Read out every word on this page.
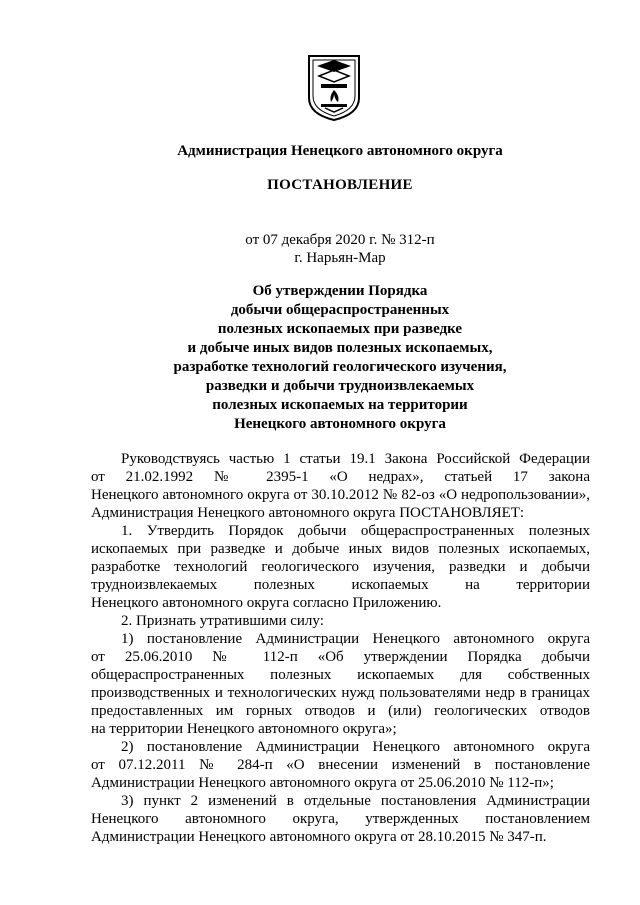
Администрация Ненецкого автономного округа
ПОСТАНОВЛЕНИЕ
от 07 декабря 2020 г. № 312-п
г. Нарьян-Мар
Об утверждении Порядка
добычи общераспространенных
полезных ископаемых при разведке
и добыче иных видов полезных ископаемых,
разработке технологий геологического изучения,
разведки и добычи трудноизвлекаемых
полезных ископаемых на территории
Ненецкого автономного округа
Руководствуясь частью 1 статьи 19.1 Закона Российской Федерации
от 21.02.1992 № 2395-1 «О недрах», статьей 17 закона
Ненецкого автономного округа от 30.10.2012 № 82-оз «О недропользовании»,
Администрация Ненецкого автономного округа ПОСТАНОВЛЯЕТ:
1. Утвердить Порядок добычи общераспространенных полезных
ископаемых при разведке и добыче иных видов полезных ископаемых,
разработке технологий геологического изучения, разведки и добычи
трудноизвлекаемых полезных ископаемых на территории
Ненецкого автономного округа согласно Приложению.
2. Признать утратившими силу:
1) постановление Администрации Ненецкого автономного округа
от 25.06.2010 № 112-п «Об утверждении Порядка добычи
общераспространенных полезных ископаемых для собственных
производственных и технологических нужд пользователями недр в границах
предоставленных им горных отводов и (или) геологических отводов
на территории Ненецкого автономного округа»;
2) постановление Администрации Ненецкого автономного округа
от 07.12.2011 № 284-п «О внесении изменений в постановление
Администрации Ненецкого автономного округа от 25.06.2010 № 112-п»;
3) пункт 2 изменений в отдельные постановления Администрации
Ненецкого автономного округа, утвержденных постановлением
Администрации Ненецкого автономного округа от 28.10.2015 № 347-п.
